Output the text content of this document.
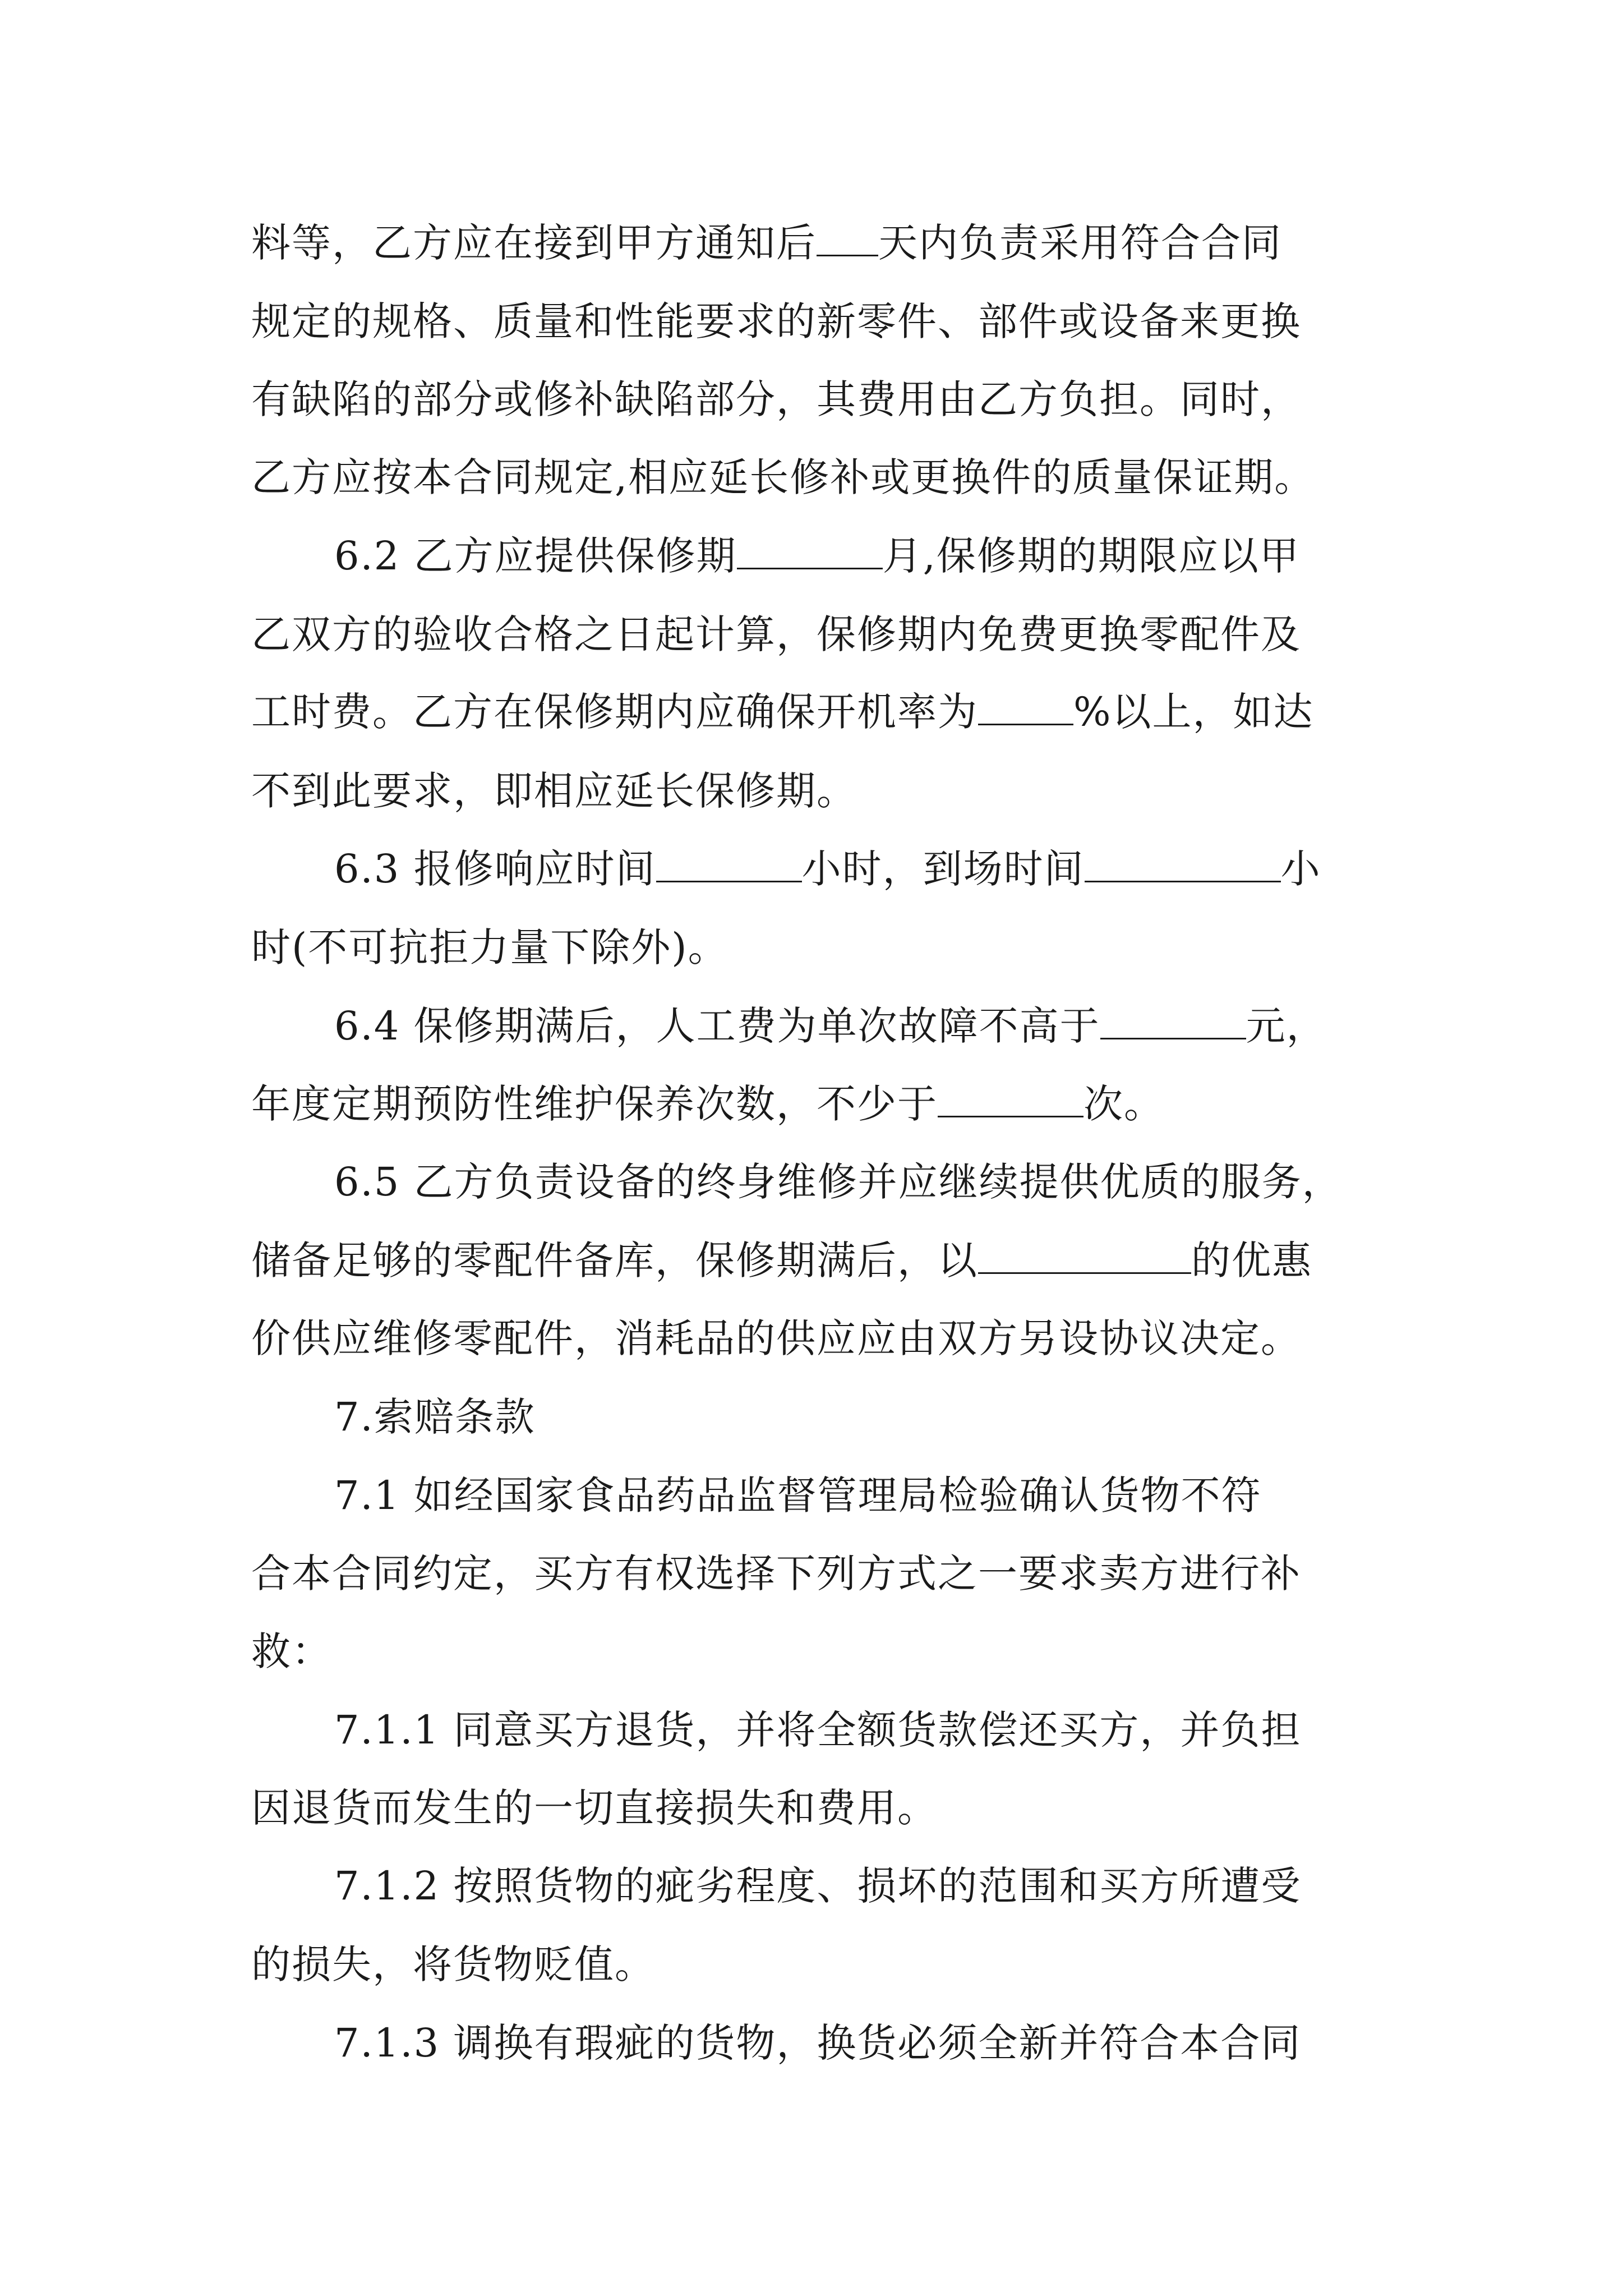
料等，乙方应在接到甲方通知后 天内负责采用符合合同
规定的规格、质量和性能要求的新零件、部件或设备来更换
有缺陷的部分或修补缺陷部分，其费用由乙方负担。同时，
乙方应按本合同规定,相应延长修补或更换件的质量保证期。
6.2 乙方应提供保修期	月,保修期的期限应以甲
乙双方的验收合格之日起计算，保修期内免费更换零配件及
工时费。乙方在保修期内应确保开机率为 %以上，如达
不到此要求，即相应延长保修期。
6.3 报修响应时间	小时，到场时间	小
时(不可抗拒力量下除外)。
6.4 保修期满后，人工费为单次故障不高于	元，
年度定期预防性维护保养次数，不少于	次。
6.5 乙方负责设备的终身维修并应继续提供优质的服务，
储备足够的零配件备库，保修期满后，以	的优惠
价供应维修零配件，消耗品的供应应由双方另设协议决定。
7.索赔条款
7.1 如经国家食品药品监督管理局检验确认货物不符
合本合同约定，买方有权选择下列方式之一要求卖方进行补
救：
7.1.1 同意买方退货，并将全额货款偿还买方，并负担
因退货而发生的一切直接损失和费用。
7.1.2 按照货物的疵劣程度、损坏的范围和买方所遭受
的损失，将货物贬值。
7.1.3 调换有瑕疵的货物，换货必须全新并符合本合同
